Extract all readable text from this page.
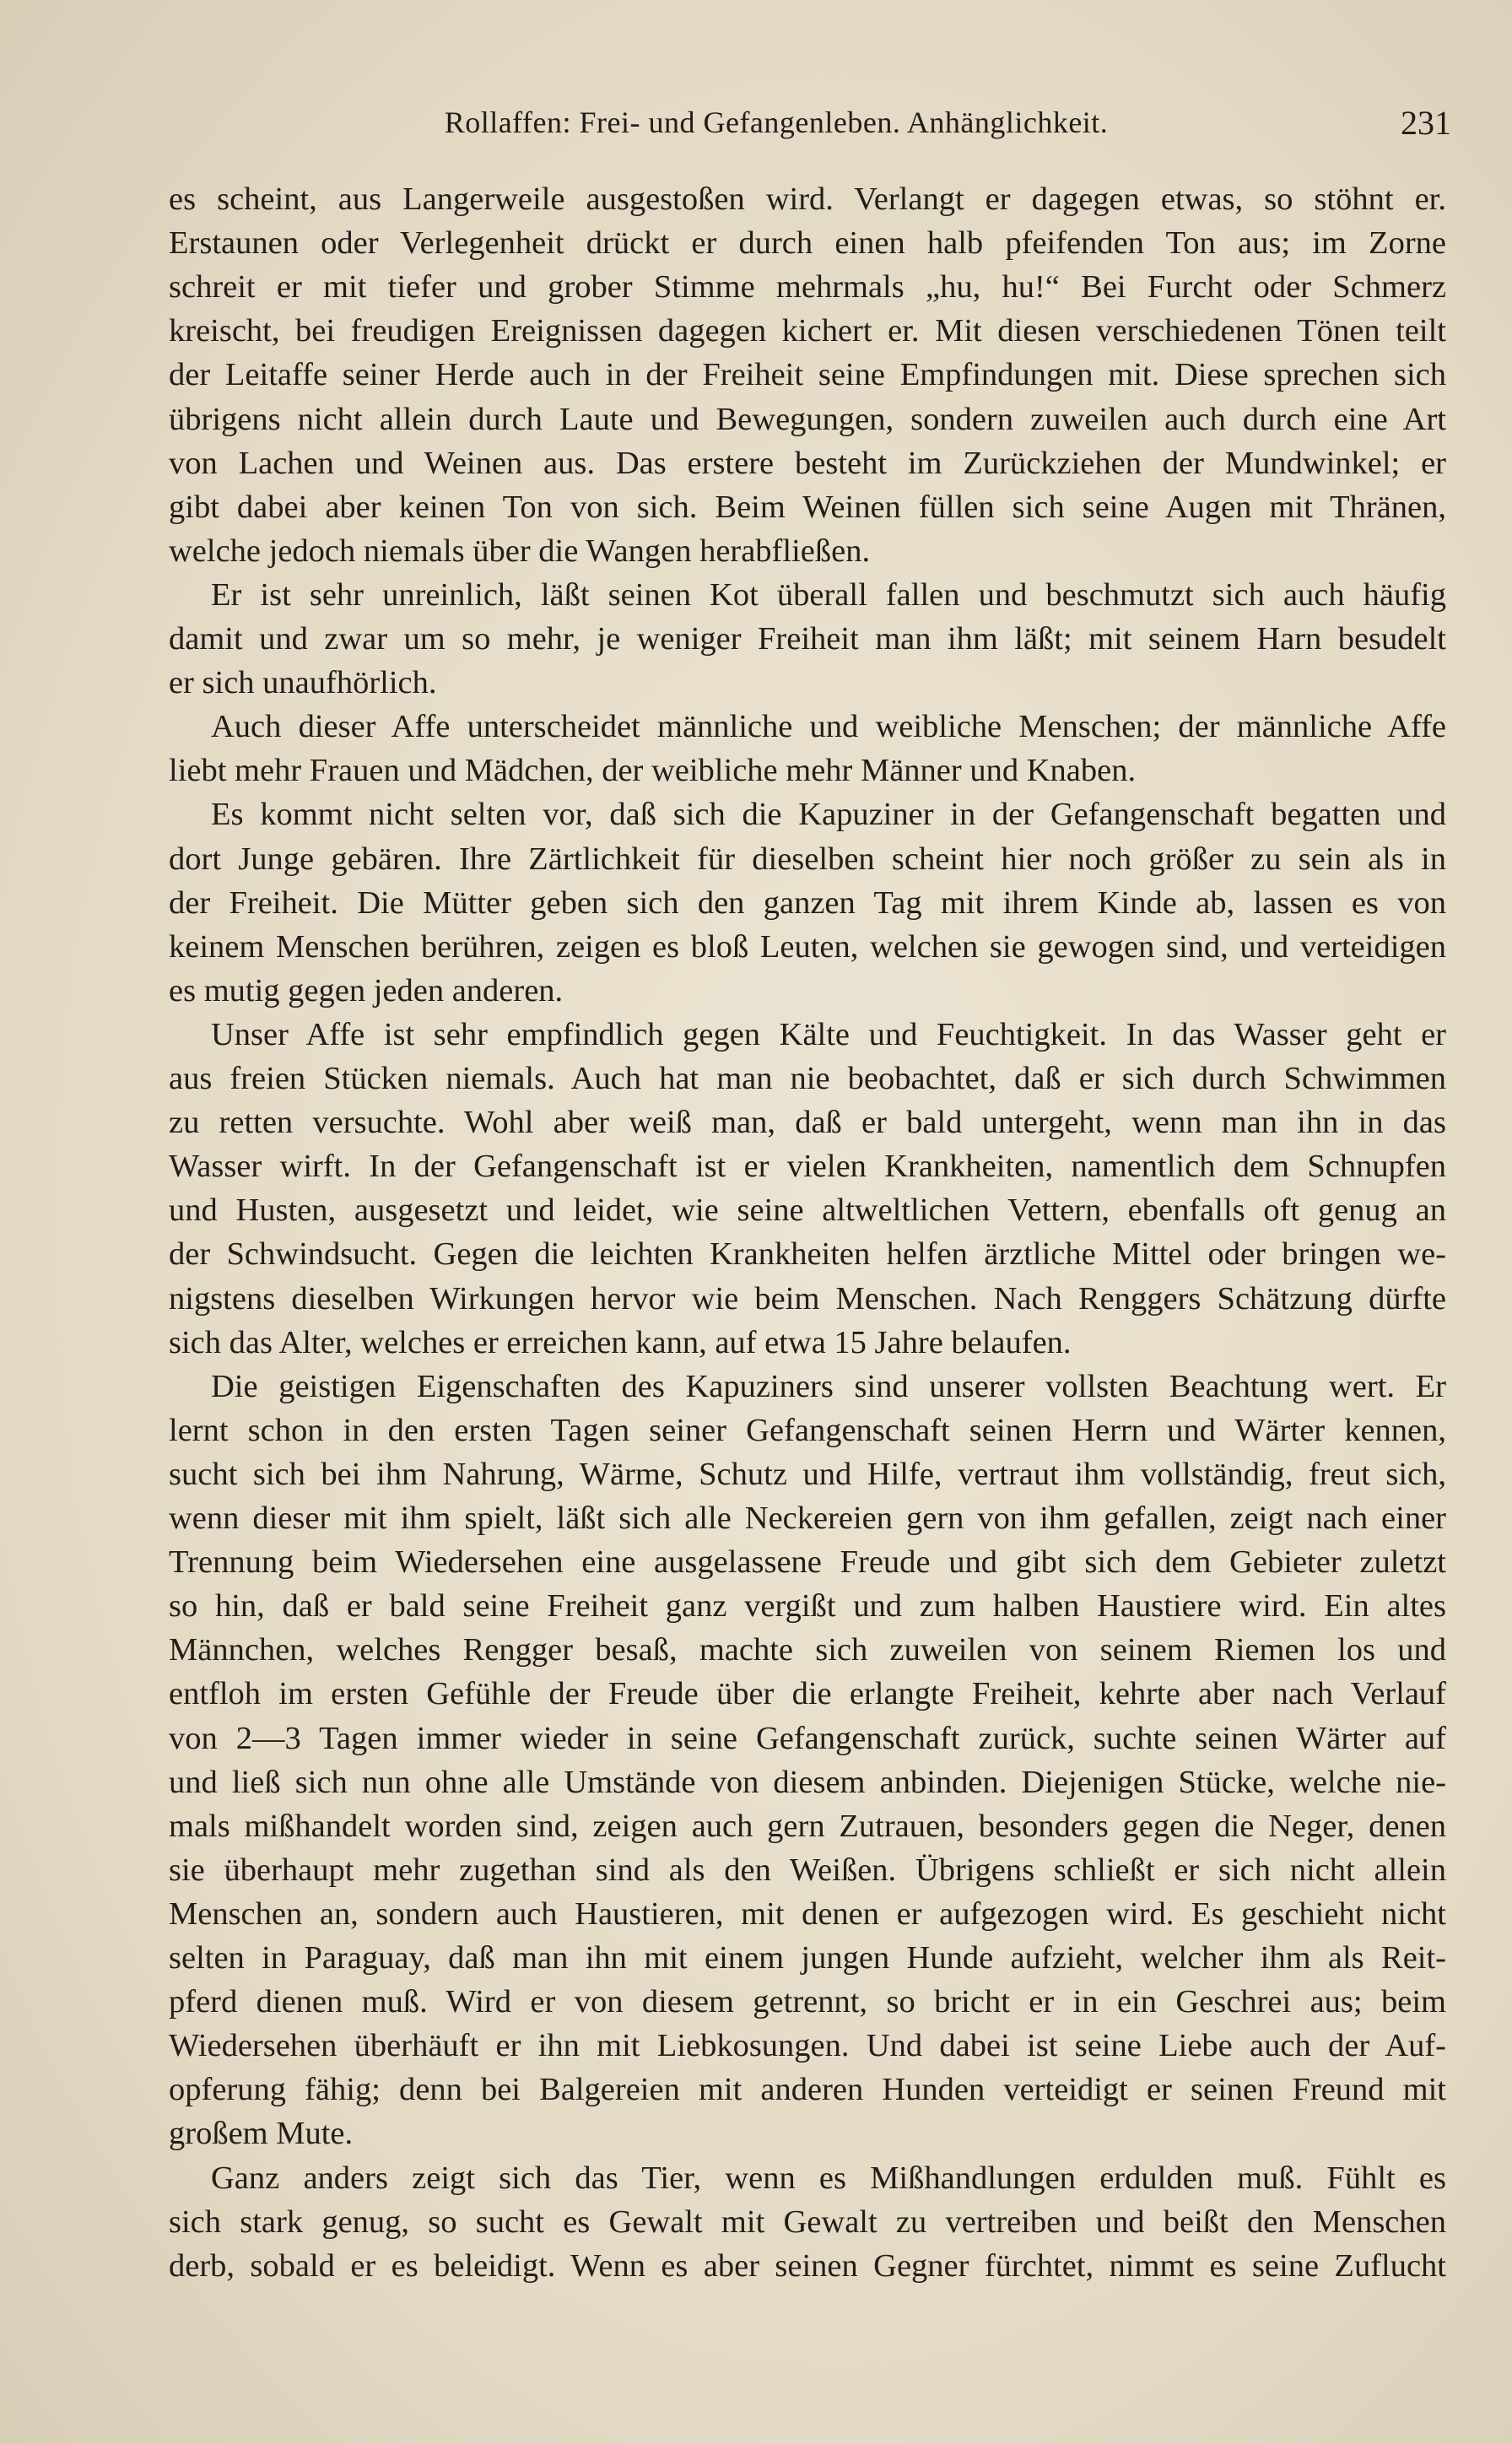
Rollaffen: Frei- und Gefangenleben. Anhänglichkeit.	231
es scheint, aus Langerweile ausgestoßen wird. Verlangt er dagegen etwas, so stöhnt er.
Erstaunen oder Verlegenheit drückt er durch einen halb pfeifenden Ton aus; im Zorne
schreit er mit tiefer und grober Stimme mehrmals „hu, hu!“ Bei Furcht oder Schmerz
kreischt, bei freudigen Ereignissen dagegen kichert er. Mit diesen verschiedenen Tönen teilt
der Leitaffe seiner Herde auch in der Freiheit seine Empfindungen mit. Diese sprechen sich
übrigens nicht allein durch Laute und Bewegungen, sondern zuweilen auch durch eine Art
von Lachen und Weinen aus. Das erstere besteht im Zurückziehen der Mundwinkel; er
gibt dabei aber keinen Ton von sich. Beim Weinen füllen sich seine Augen mit Thränen,
welche jedoch niemals über die Wangen herabfließen.
Er ist sehr unreinlich, läßt seinen Kot überall fallen und beschmutzt sich auch häufig
damit und zwar um so mehr, je weniger Freiheit man ihm läßt; mit seinem Harn besudelt
er sich unaufhörlich.
Auch dieser Affe unterscheidet männliche und weibliche Menschen; der männliche Affe
liebt mehr Frauen und Mädchen, der weibliche mehr Männer und Knaben.
Es kommt nicht selten vor, daß sich die Kapuziner in der Gefangenschaft begatten und
dort Junge gebären. Ihre Zärtlichkeit für dieselben scheint hier noch größer zu sein als in
der Freiheit. Die Mütter geben sich den ganzen Tag mit ihrem Kinde ab, lassen es von
keinem Menschen berühren, zeigen es bloß Leuten, welchen sie gewogen sind, und verteidigen
es mutig gegen jeden anderen.
Unser Affe ist sehr empfindlich gegen Kälte und Feuchtigkeit. In das Wasser geht er
aus freien Stücken niemals. Auch hat man nie beobachtet, daß er sich durch Schwimmen
zu retten versuchte. Wohl aber weiß man, daß er bald untergeht, wenn man ihn in das
Wasser wirft. In der Gefangenschaft ist er vielen Krankheiten, namentlich dem Schnupfen
und Husten, ausgesetzt und leidet, wie seine altweltlichen Vettern, ebenfalls oft genug an
der Schwindsucht. Gegen die leichten Krankheiten helfen ärztliche Mittel oder bringen we-
nigstens dieselben Wirkungen hervor wie beim Menschen. Nach Renggers Schätzung dürfte
sich das Alter, welches er erreichen kann, auf etwa 15 Jahre belaufen.
Die geistigen Eigenschaften des Kapuziners sind unserer vollsten Beachtung wert. Er
lernt schon in den ersten Tagen seiner Gefangenschaft seinen Herrn und Wärter kennen,
sucht sich bei ihm Nahrung, Wärme, Schutz und Hilfe, vertraut ihm vollständig, freut sich,
wenn dieser mit ihm spielt, läßt sich alle Neckereien gern von ihm gefallen, zeigt nach einer
Trennung beim Wiedersehen eine ausgelassene Freude und gibt sich dem Gebieter zuletzt
so hin, daß er bald seine Freiheit ganz vergißt und zum halben Haustiere wird. Ein altes
Männchen, welches Rengger besaß, machte sich zuweilen von seinem Riemen los und
entfloh im ersten Gefühle der Freude über die erlangte Freiheit, kehrte aber nach Verlauf
von 2—3 Tagen immer wieder in seine Gefangenschaft zurück, suchte seinen Wärter auf
und ließ sich nun ohne alle Umstände von diesem anbinden. Diejenigen Stücke, welche nie-
mals mißhandelt worden sind, zeigen auch gern Zutrauen, besonders gegen die Neger, denen
sie überhaupt mehr zugethan sind als den Weißen. Übrigens schließt er sich nicht allein
Menschen an, sondern auch Haustieren, mit denen er aufgezogen wird. Es geschieht nicht
selten in Paraguay, daß man ihn mit einem jungen Hunde aufzieht, welcher ihm als Reit-
pferd dienen muß. Wird er von diesem getrennt, so bricht er in ein Geschrei aus; beim
Wiedersehen überhäuft er ihn mit Liebkosungen. Und dabei ist seine Liebe auch der Auf-
opferung fähig; denn bei Balgereien mit anderen Hunden verteidigt er seinen Freund mit
großem Mute.
Ganz anders zeigt sich das Tier, wenn es Mißhandlungen erdulden muß. Fühlt es
sich stark genug, so sucht es Gewalt mit Gewalt zu vertreiben und beißt den Menschen
derb, sobald er es beleidigt. Wenn es aber seinen Gegner fürchtet, nimmt es seine Zuflucht
